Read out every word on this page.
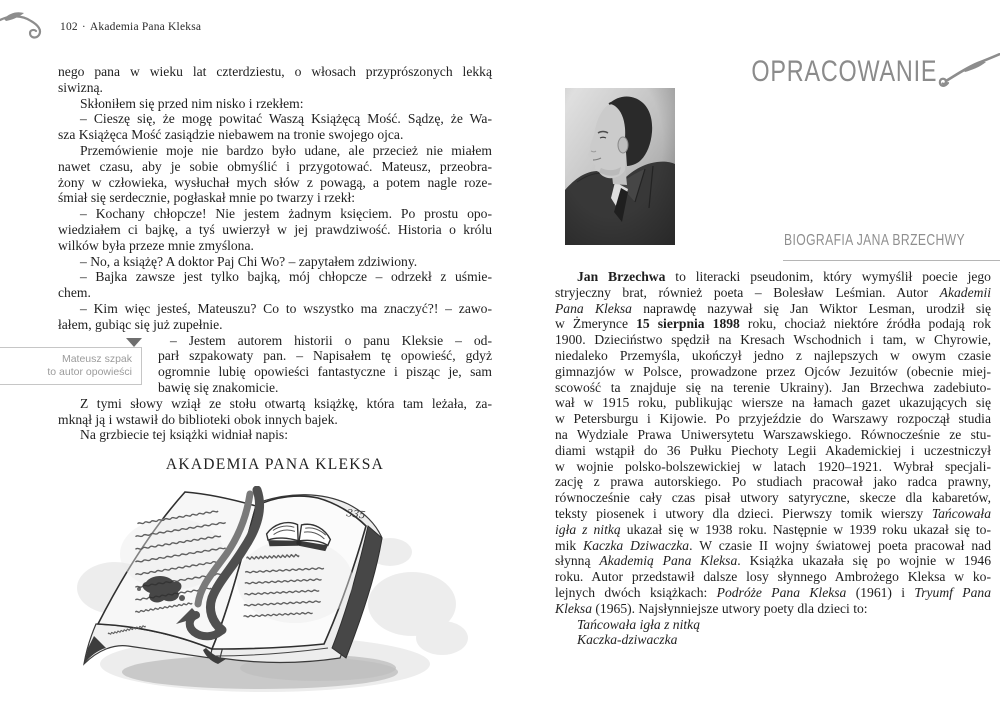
102 · Akademia Pana Kleksa
nego pana w wieku lat czterdziestu, o włosach przyprószonych lekką
siwizną.
Skłoniłem się przed nim nisko i rzekłem:
– Cieszę się, że mogę powitać Waszą Książęcą Mość. Sądzę, że Wa-
sza Książęca Mość zasiądzie niebawem na tronie swojego ojca.
Przemówienie moje nie bardzo było udane, ale przecież nie miałem
nawet czasu, aby je sobie obmyślić i przygotować. Mateusz, przeobra-
żony w człowieka, wysłuchał mych słów z powagą, a potem nagle roze-
śmiał się serdecznie, pogłaskał mnie po twarzy i rzekł:
– Kochany chłopcze! Nie jestem żadnym księciem. Po prostu opo-
wiedziałem ci bajkę, a tyś uwierzył w jej prawdziwość. Historia o królu
wilków była przeze mnie zmyślona.
– No, a książę? A doktor Paj Chi Wo? – zapytałem zdziwiony.
– Bajka zawsze jest tylko bajką, mój chłopcze – odrzekł z uśmie-
chem.
– Kim więc jesteś, Mateuszu? Co to wszystko ma znaczyć?! – zawo-
łałem, gubiąc się już zupełnie.
– Jestem autorem historii o panu Kleksie – od-
parł szpakowaty pan. – Napisałem tę opowieść, gdyż
ogromnie lubię opowieści fantastyczne i pisząc je, sam
bawię się znakomicie.
Z tymi słowy wziął ze stołu otwartą książkę, która tam leżała, za-
mknął ją i wstawił do biblioteki obok innych bajek.
Na grzbiecie tej książki widniał napis:
Mateusz szpak
to autor opowieści
AKADEMIA PANA KLEKSA
335
OPRACOWANIE
BIOGRAFIA JANA BRZECHWY
Jan Brzechwa to literacki pseudonim, który wymyślił poecie jego
stryjeczny brat, również poeta – Bolesław Leśmian. Autor Akademii
Pana Kleksa naprawdę nazywał się Jan Wiktor Lesman, urodził się
w Żmerynce 15 sierpnia 1898 roku, chociaż niektóre źródła podają rok
1900. Dzieciństwo spędził na Kresach Wschodnich i tam, w Chyrowie,
niedaleko Przemyśla, ukończył jedno z najlepszych w owym czasie
gimnazjów w Polsce, prowadzone przez Ojców Jezuitów (obecnie miej-
scowość ta znajduje się na terenie Ukrainy). Jan Brzechwa zadebiuto-
wał w 1915 roku, publikując wiersze na łamach gazet ukazujących się
w Petersburgu i Kijowie. Po przyjeździe do Warszawy rozpoczął studia
na Wydziale Prawa Uniwersytetu Warszawskiego. Równocześnie ze stu-
diami wstąpił do 36 Pułku Piechoty Legii Akademickiej i uczestniczył
w wojnie polsko-bolszewickiej w latach 1920–1921. Wybrał specjali-
zację z prawa autorskiego. Po studiach pracował jako radca prawny,
równocześnie cały czas pisał utwory satyryczne, skecze dla kabaretów,
teksty piosenek i utwory dla dzieci. Pierwszy tomik wierszy Tańcowała
igła z nitką ukazał się w 1938 roku. Następnie w 1939 roku ukazał się to-
mik Kaczka Dziwaczka. W czasie II wojny światowej poeta pracował nad
słynną Akademią Pana Kleksa. Książka ukazała się po wojnie w 1946
roku. Autor przedstawił dalsze losy słynnego Ambrożego Kleksa w ko-
lejnych dwóch książkach: Podróże Pana Kleksa (1961) i Tryumf Pana
Kleksa (1965). Najsłynniejsze utwory poety dla dzieci to:
Tańcowała igła z nitką
Kaczka-dziwaczka
